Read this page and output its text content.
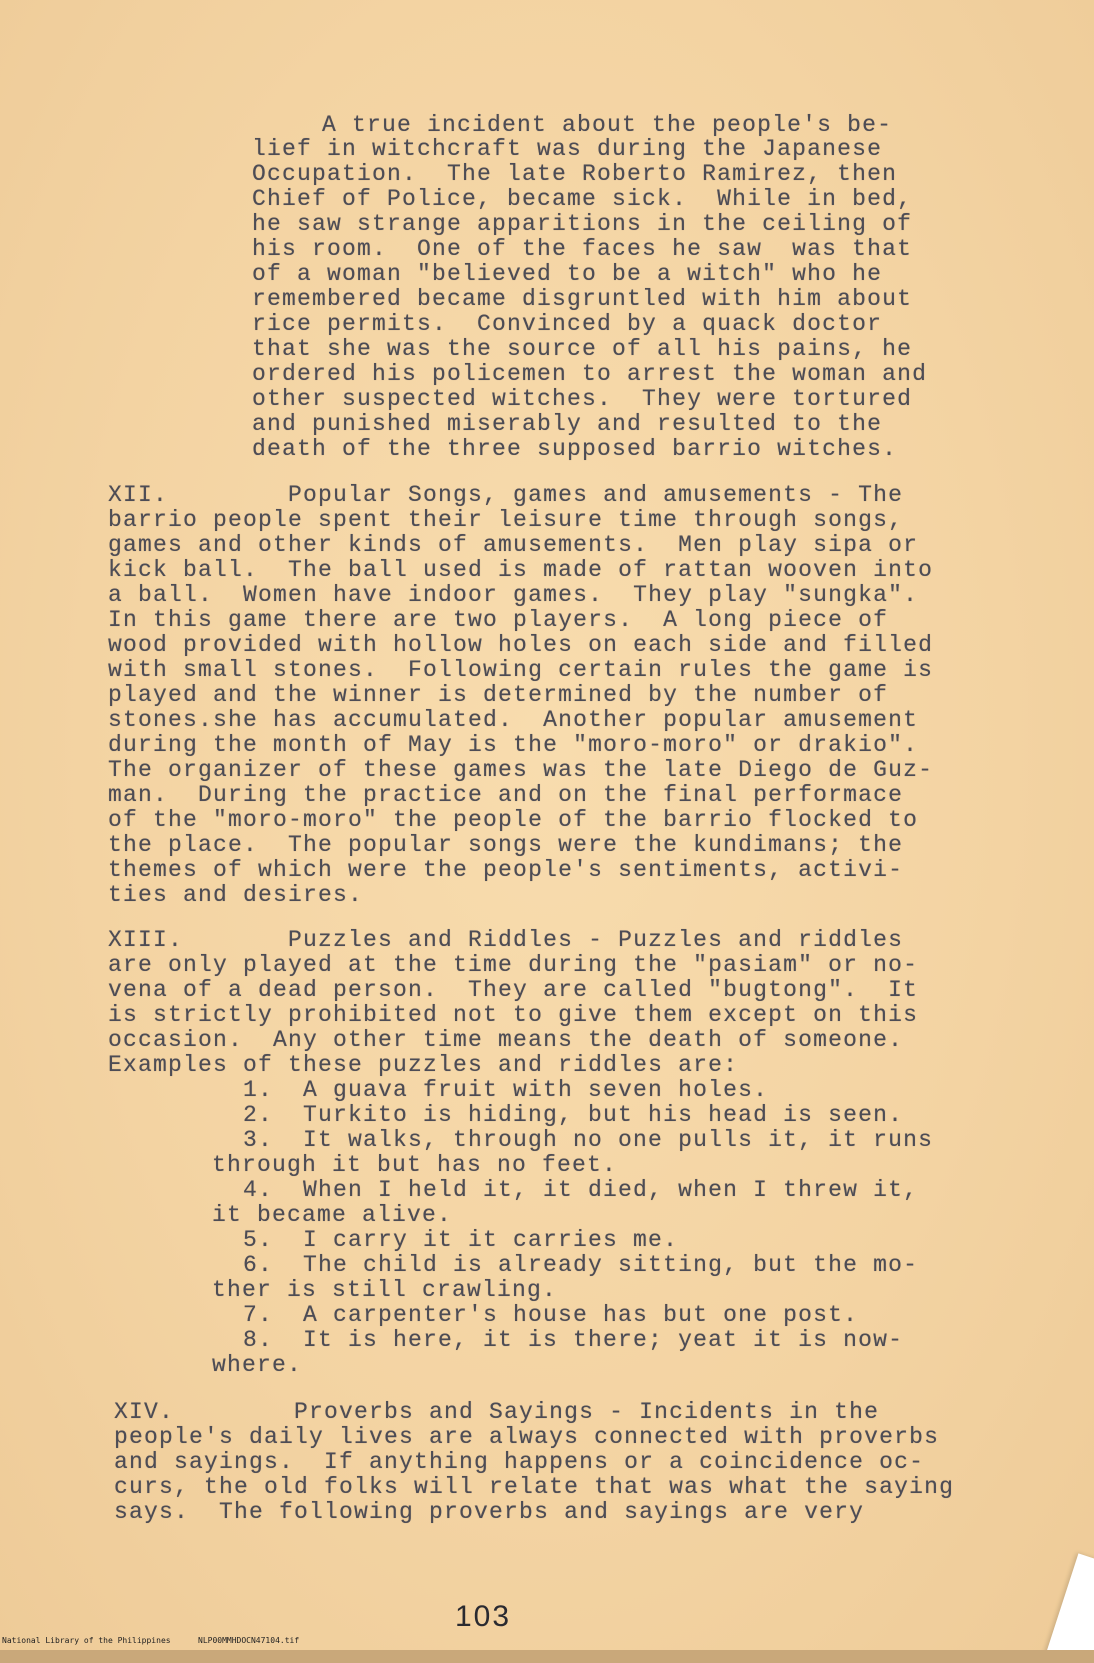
A true incident about the people's be-
lief in witchcraft was during the Japanese
Occupation.  The late Roberto Ramirez, then
Chief of Police, became sick.  While in bed,
he saw strange apparitions in the ceiling of
his room.  One of the faces he saw  was that
of a woman "believed to be a witch" who he
remembered became disgruntled with him about
rice permits.  Convinced by a quack doctor
that she was the source of all his pains, he
ordered his policemen to arrest the woman and
other suspected witches.  They were tortured
and punished miserably and resulted to the
death of the three supposed barrio witches.
XII.        Popular Songs, games and amusements - The
barrio people spent their leisure time through songs,
games and other kinds of amusements.  Men play sipa or
kick ball.  The ball used is made of rattan wooven into
a ball.  Women have indoor games.  They play "sungka".
In this game there are two players.  A long piece of
wood provided with hollow holes on each side and filled
with small stones.  Following certain rules the game is
played and the winner is determined by the number of
stones.she has accumulated.  Another popular amusement
during the month of May is the "moro-moro" or drakio".
The organizer of these games was the late Diego de Guz-
man.  During the practice and on the final performace
of the "moro-moro" the people of the barrio flocked to
the place.  The popular songs were the kundimans; the
themes of which were the people's sentiments, activi-
ties and desires.
XIII.       Puzzles and Riddles - Puzzles and riddles
are only played at the time during the "pasiam" or no-
vena of a dead person.  They are called "bugtong".  It
is strictly prohibited not to give them except on this
occasion.  Any other time means the death of someone.
Examples of these puzzles and riddles are:
1.  A guava fruit with seven holes.
2.  Turkito is hiding, but his head is seen.
3.  It walks, through no one pulls it, it runs
through it but has no feet.
4.  When I held it, it died, when I threw it,
it became alive.
5.  I carry it it carries me.
6.  The child is already sitting, but the mo-
ther is still crawling.
7.  A carpenter's house has but one post.
8.  It is here, it is there; yeat it is now-
where.
XIV.        Proverbs and Sayings - Incidents in the
people's daily lives are always connected with proverbs
and sayings.  If anything happens or a coincidence oc-
curs, the old folks will relate that was what the saying
says.  The following proverbs and sayings are very
103

National Library of the Philippines

	NLP00MMHDOCN47104.tif
